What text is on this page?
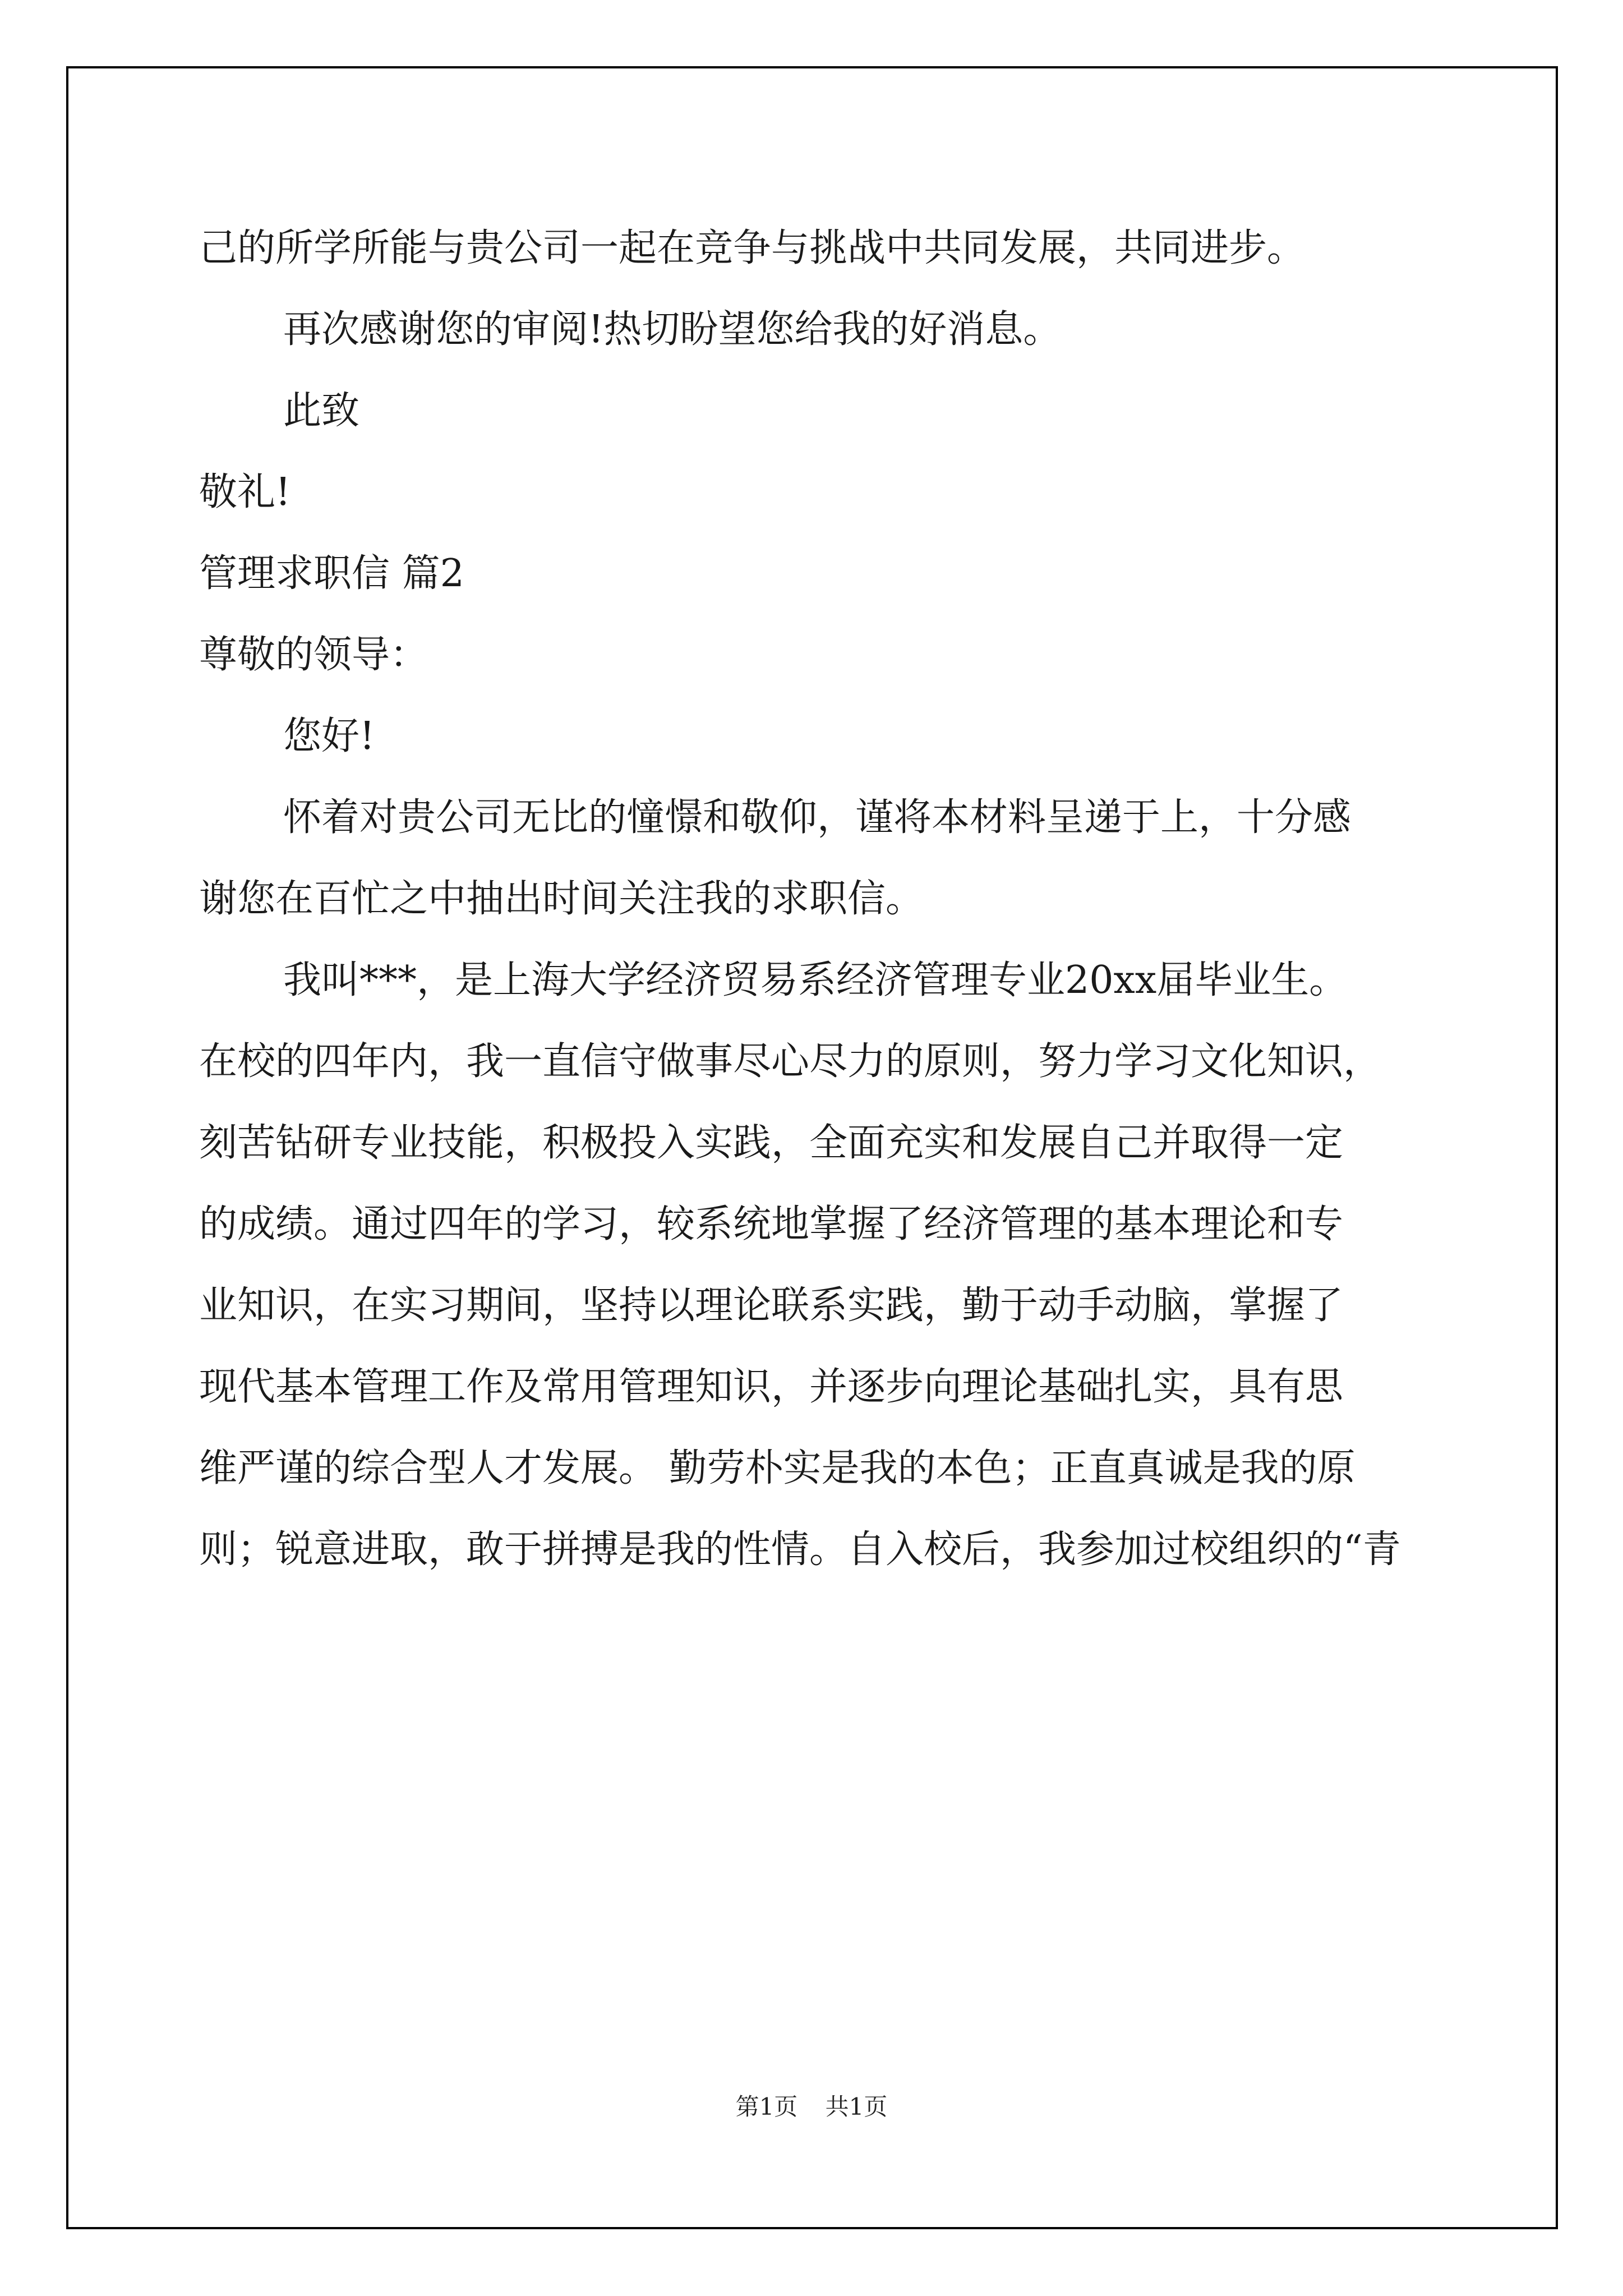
己的所学所能与贵公司一起在竞争与挑战中共同发展，共同进步。

再次感谢您的审阅!热切盼望您给我的好消息。

此致

敬礼!

管理求职信 篇2

尊敬的领导：

您好!

怀着对贵公司无比的憧憬和敬仰，谨将本材料呈递于上，十分感

谢您在百忙之中抽出时间关注我的求职信。

我叫***，是上海大学经济贸易系经济管理专业20xx届毕业生。

在校的四年内，我一直信守做事尽心尽力的原则，努力学习文化知识，

刻苦钻研专业技能，积极投入实践，全面充实和发展自己并取得一定

的成绩。通过四年的学习，较系统地掌握了经济管理的基本理论和专

业知识，在实习期间，坚持以理论联系实践，勤于动手动脑，掌握了

现代基本管理工作及常用管理知识，并逐步向理论基础扎实，具有思

维严谨的综合型人才发展。 勤劳朴实是我的本色；正直真诚是我的原

则；锐意进取，敢于拼搏是我的性情。自入校后，我参加过校组织的“青

第1页 共1页
